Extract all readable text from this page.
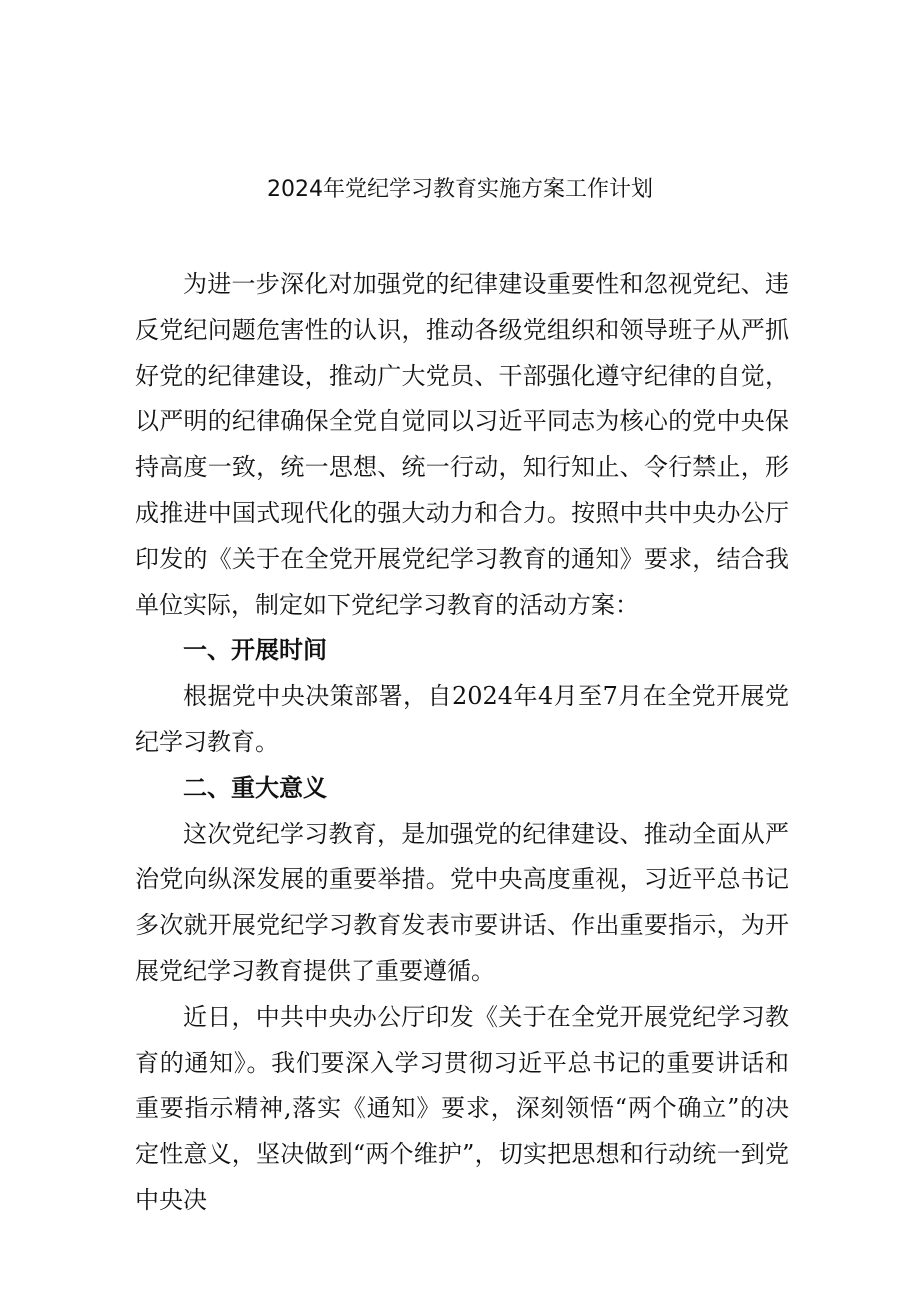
2024年党纪学习教育实施方案工作计划

为进一步深化对加强党的纪律建设重要性和忽视党纪、违反党纪问题危害性的认识，推动各级党组织和领导班子从严抓好党的纪律建设，推动广大党员、干部强化遵守纪律的自觉，以严明的纪律确保全党自觉同以习近平同志为核心的党中央保持高度一致，统一思想、统一行动，知行知止、令行禁止，形成推进中国式现代化的强大动力和合力。按照中共中央办公厅印发的《关于在全党开展党纪学习教育的通知》要求，结合我单位实际，制定如下党纪学习教育的活动方案：

一、开展时间

根据党中央决策部署，自2024年4月至7月在全党开展党纪学习教育。

二、重大意义

这次党纪学习教育，是加强党的纪律建设、推动全面从严治党向纵深发展的重要举措。党中央高度重视，习近平总书记多次就开展党纪学习教育发表市要讲话、作出重要指示，为开展党纪学习教育提供了重要遵循。

近日，中共中央办公厅印发《关于在全党开展党纪学习教育的通知》。我们要深入学习贯彻习近平总书记的重要讲话和重要指示精神,落实《通知》要求，深刻领悟“两个确立”的决定性意义，坚决做到“两个维护”，切实把思想和行动统一到党中央决
